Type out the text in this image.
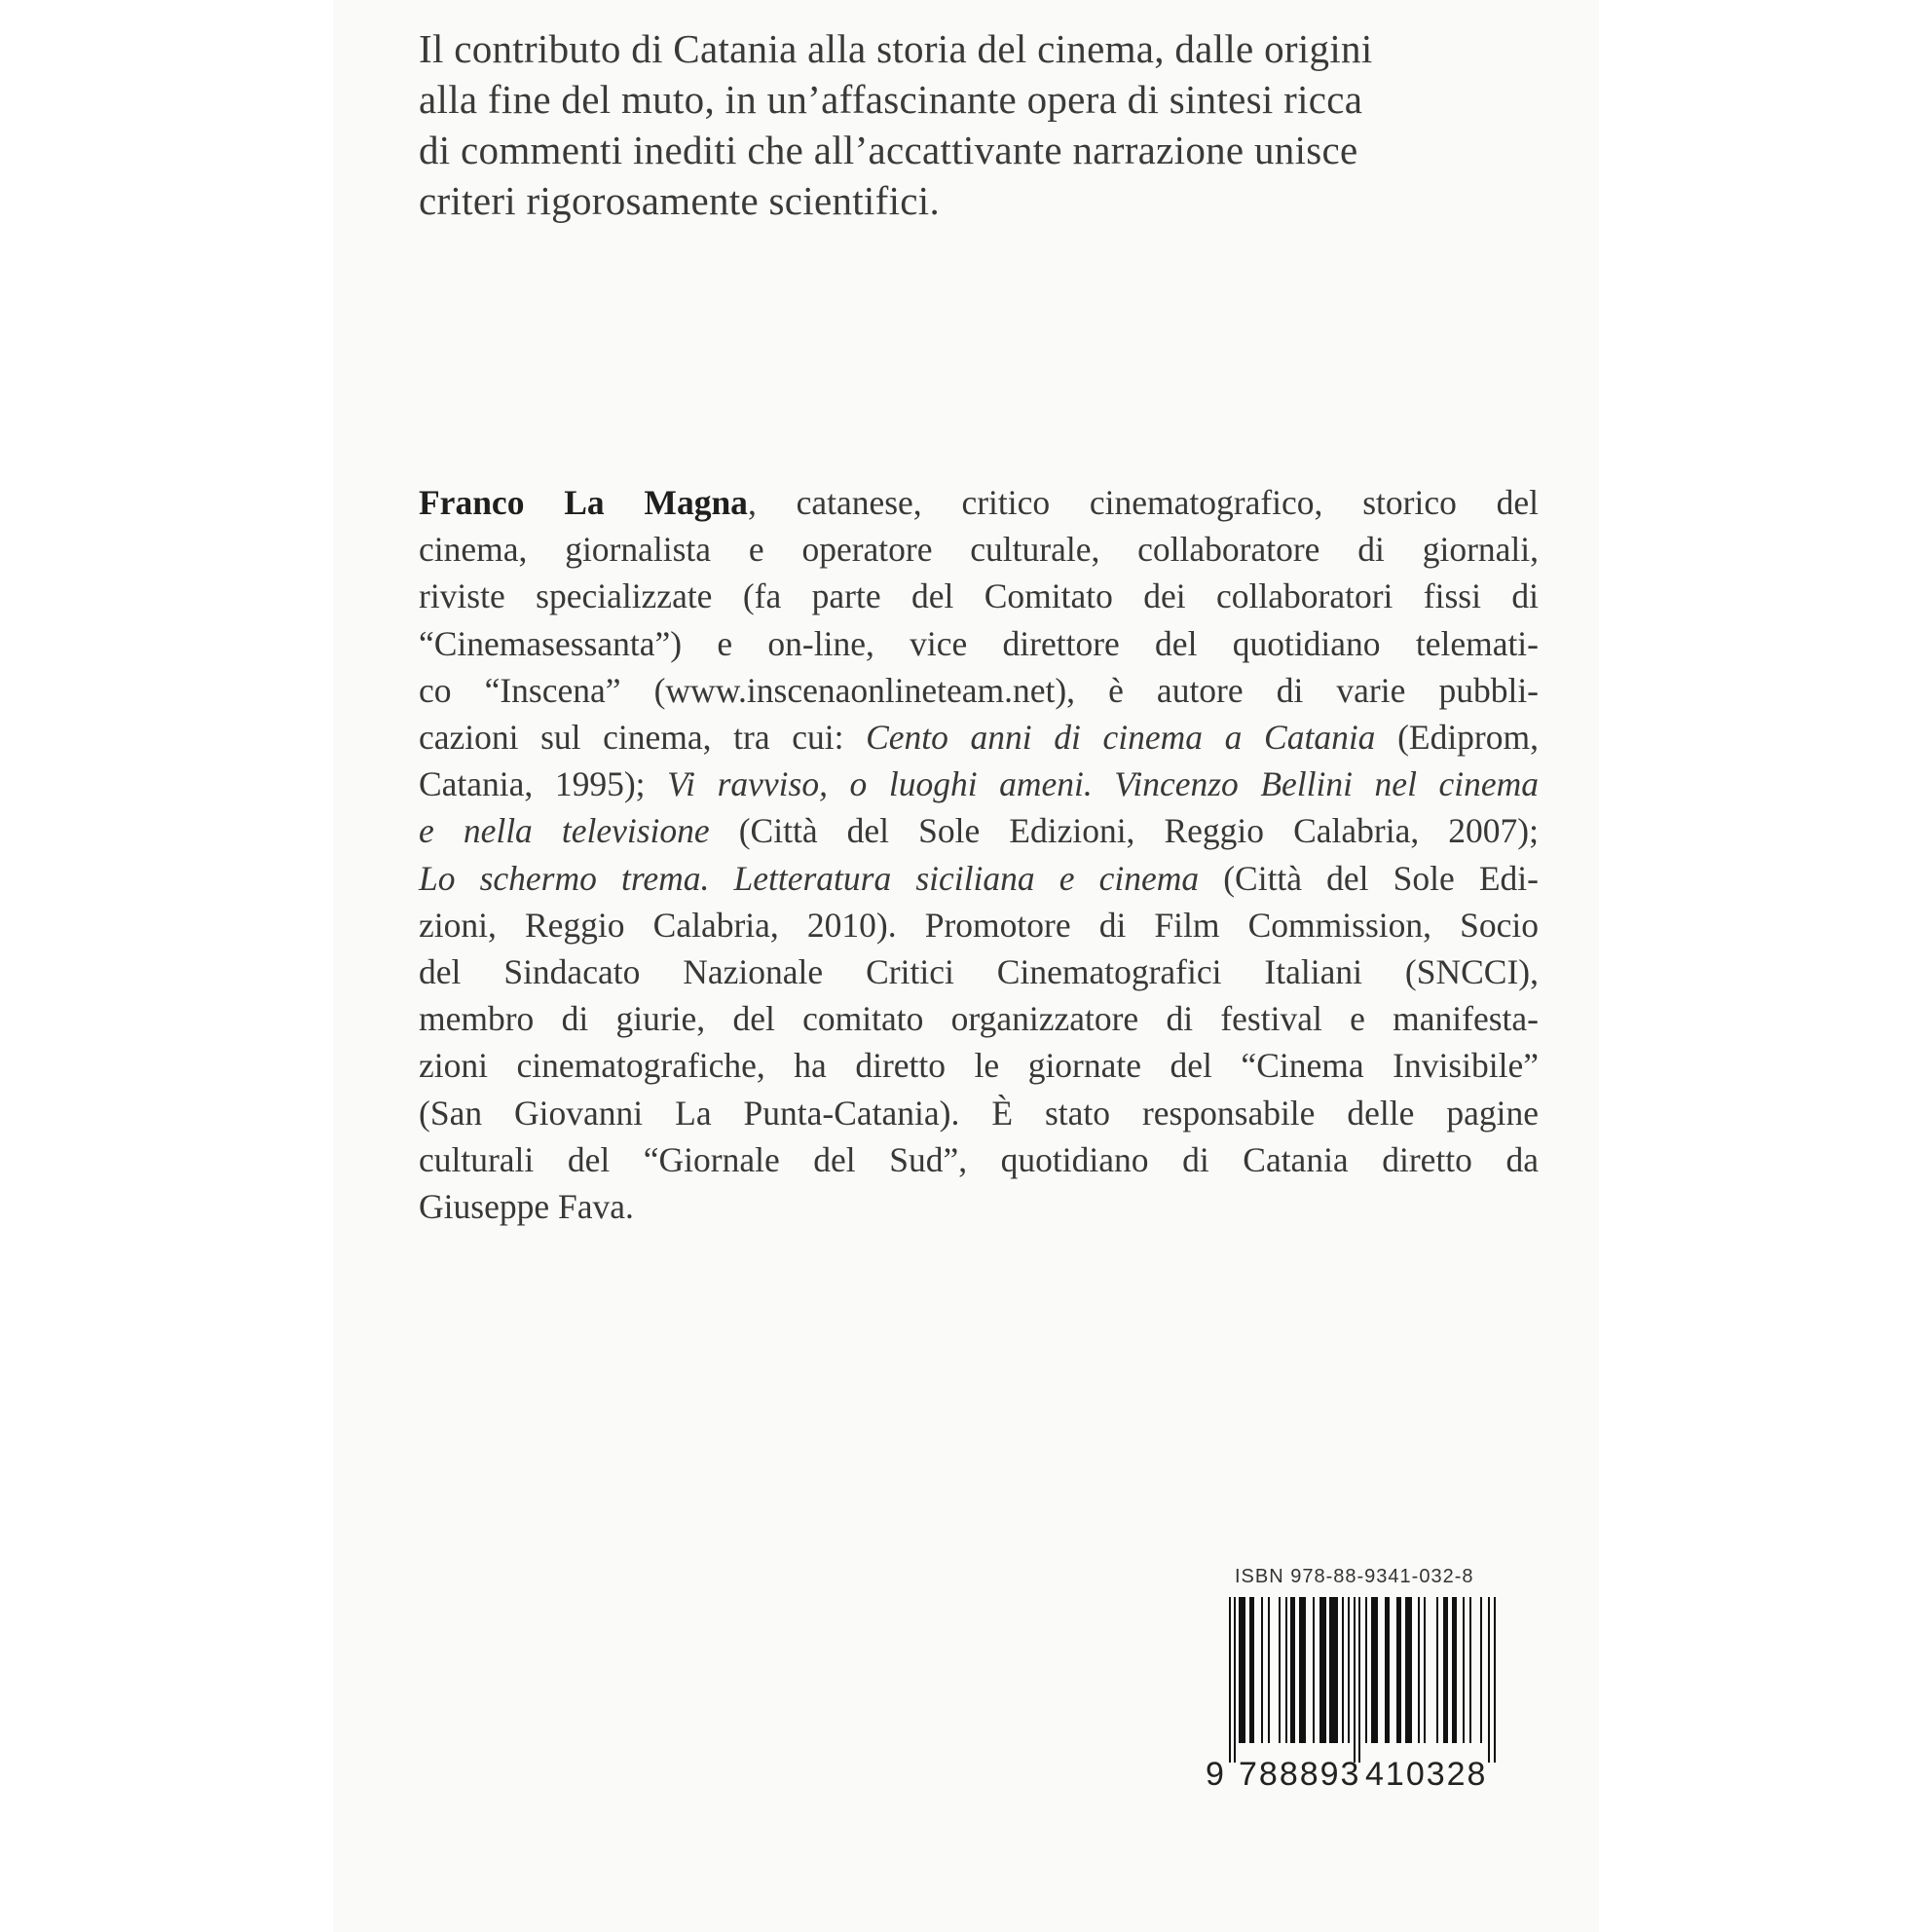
Il contributo di Catania alla storia del cinema, dalle origini
alla fine del muto, in un’affascinante opera di sintesi ricca
di commenti inediti che all’accattivante narrazione unisce
criteri rigorosamente scientifici.
Franco La Magna, catanese, critico cinematografico, storico del
cinema, giornalista e operatore culturale, collaboratore di giornali,
riviste specializzate (fa parte del Comitato dei collaboratori fissi di
“Cinemasessanta”) e on-line, vice direttore del quotidiano telemati-
co “Inscena” (www.inscenaonlineteam.net), è autore di varie pubbli-
cazioni sul cinema, tra cui: Cento anni di cinema a Catania (Ediprom,
Catania, 1995); Vi ravviso, o luoghi ameni. Vincenzo Bellini nel cinema
e nella televisione (Città del Sole Edizioni, Reggio Calabria, 2007);
Lo schermo trema. Letteratura siciliana e cinema (Città del Sole Edi-
zioni, Reggio Calabria, 2010). Promotore di Film Commission, Socio
del Sindacato Nazionale Critici Cinematografici Italiani (SNCCI),
membro di giurie, del comitato organizzatore di festival e manifesta-
zioni cinematografiche, ha diretto le giornate del “Cinema Invisibile”
(San Giovanni La Punta-Catania). È stato responsabile delle pagine
culturali del “Giornale del Sud”, quotidiano di Catania diretto da
Giuseppe Fava.
ISBN 978-88-9341-032-8
9 788893 410328
